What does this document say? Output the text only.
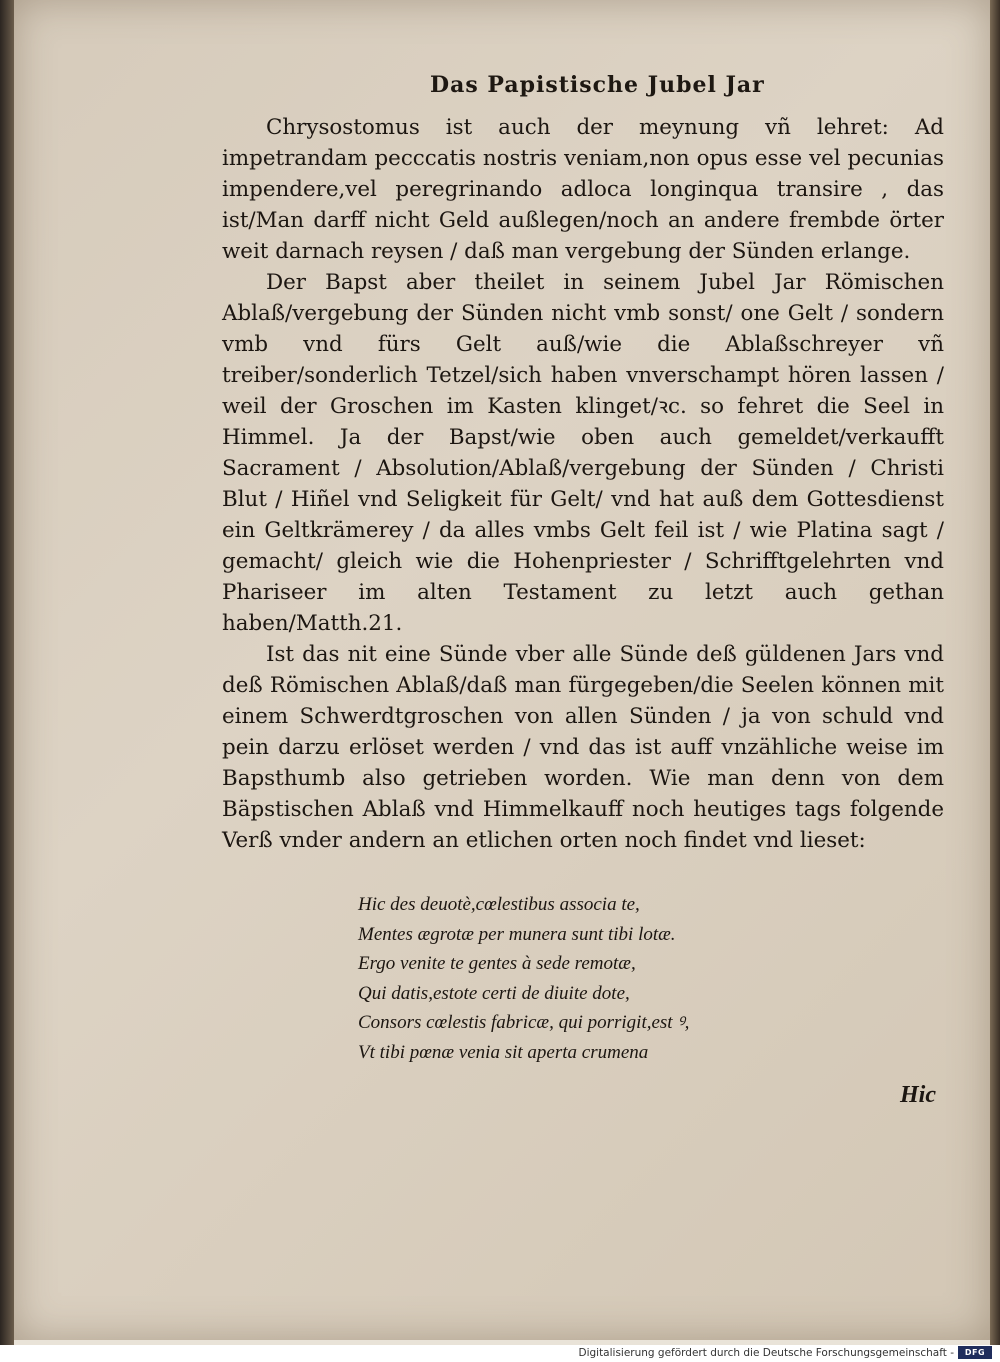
Das Papistische Jubel Jar

Chrysostomus ist auch der meynung vñ lehret: Ad impetrandam pecccatis nostris veniam,non opus esse vel pecunias impendere,vel peregrinando adloca longinqua transire , das ist/Man darff nicht Geld außlegen/noch an andere frembde örter weit darnach reysen / daß man vergebung der Sünden erlange.

Der Bapst aber theilet in seinem Jubel Jar Römischen Ablaß/vergebung der Sünden nicht vmb sonst/ one Gelt / sondern vmb vnd fürs Gelt auß/wie die Ablaßschreyer vñ treiber/sonderlich Tetzel/sich haben vnverschampt hören lassen / weil der Groschen im Kasten klinget/ꝛc. so fehret die Seel in Himmel. Ja der Bapst/wie oben auch gemeldet/verkaufft Sacrament / Absolution/Ablaß/vergebung der Sünden / Christi Blut / Hiñel vnd Seligkeit für Gelt/ vnd hat auß dem Gottesdienst ein Geltkrämerey / da alles vmbs Gelt feil ist / wie Platina sagt / gemacht/ gleich wie die Hohenpriester / Schrifftgelehrten vnd Phariseer im alten Testament zu letzt auch gethan haben/Matth.21.

Ist das nit eine Sünde vber alle Sünde deß güldenen Jars vnd deß Römischen Ablaß/daß man fürgegeben/die Seelen können mit einem Schwerdtgroschen von allen Sünden / ja von schuld vnd pein darzu erlöset werden / vnd das ist auff vnzähliche weise im Bapsthumb also getrieben worden. Wie man denn von dem Bäpstischen Ablaß vnd Himmelkauff noch heutiges tags folgende Verß vnder andern an etlichen orten noch findet vnd lieset:

Hic des deuotè,cœlestibus associa te,
Mentes ægrotæ per munera sunt tibi lotæ.
Ergo venite te gentes à sede remotæ,
Qui datis,estote certi de diuite dote,
Consors cœlestis fabricæ, qui porrigit,est ꝰ,
Vt tibi pœnæ venia sit aperta crumena
Hic
Digitalisierung gefördert durch die Deutsche Forschungsgemeinschaft -	DFG
